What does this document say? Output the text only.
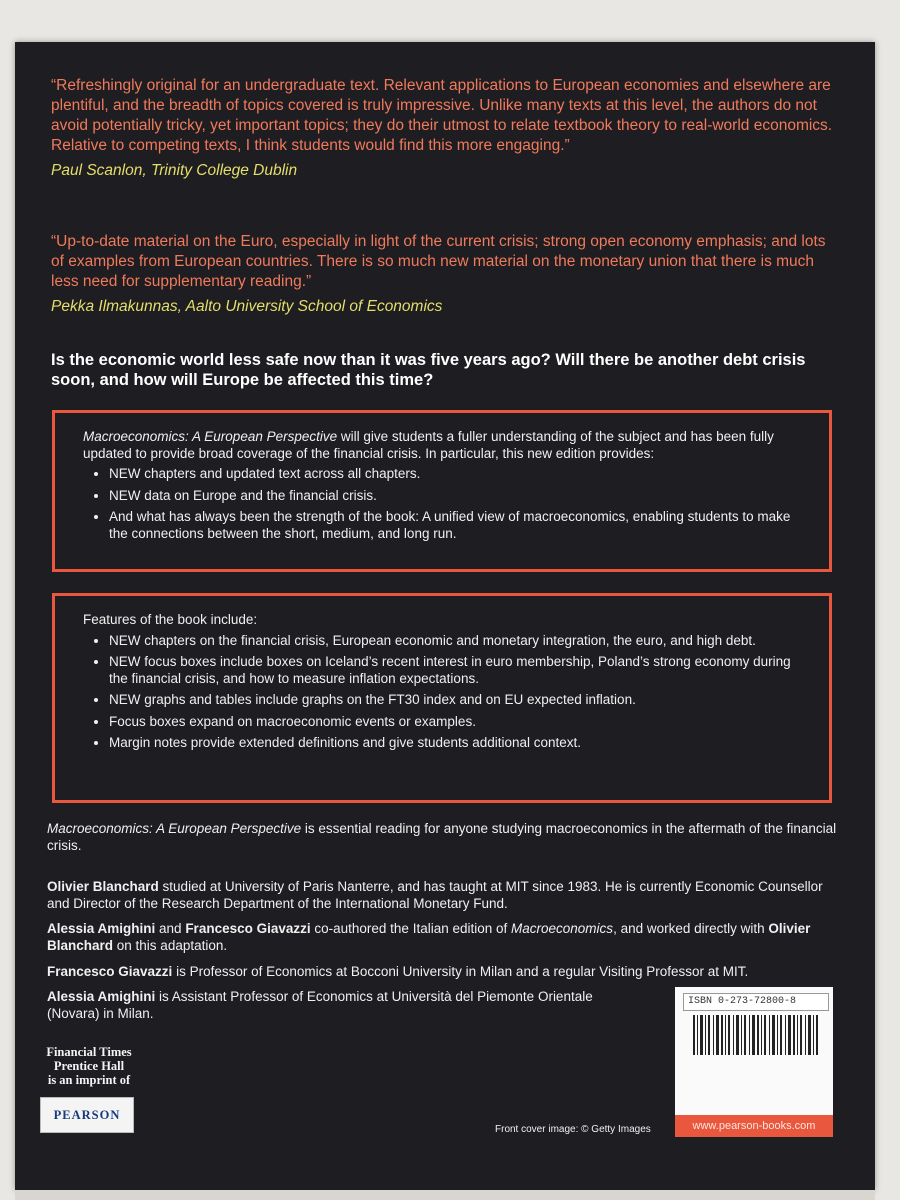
“Refreshingly original for an undergraduate text. Relevant applications to European economies and elsewhere are plentiful, and the breadth of topics covered is truly impressive. Unlike many texts at this level, the authors do not avoid potentially tricky, yet important topics; they do their utmost to relate textbook theory to real-world economics. Relative to competing texts, I think students would find this more engaging.”

Paul Scanlon, Trinity College Dublin

“Up-to-date material on the Euro, especially in light of the current crisis; strong open economy emphasis; and lots of examples from European countries. There is so much new material on the monetary union that there is much less need for supplementary reading.”

Pekka Ilmakunnas, Aalto University School of Economics

Is the economic world less safe now than it was five years ago? Will there be another debt crisis soon, and how will Europe be affected this time?

Macroeconomics: A European Perspective will give students a fuller understanding of the subject and has been fully updated to provide broad coverage of the financial crisis. In particular, this new edition provides:

• NEW chapters and updated text across all chapters.
• NEW data on Europe and the financial crisis.
• And what has always been the strength of the book: A unified view of macroeconomics, enabling students to make the connections between the short, medium, and long run.

Features of the book include:

• NEW chapters on the financial crisis, European economic and monetary integration, the euro, and high debt.
• NEW focus boxes include boxes on Iceland’s recent interest in euro membership, Poland’s strong economy during the financial crisis, and how to measure inflation expectations.
• NEW graphs and tables include graphs on the FT30 index and on EU expected inflation.
• Focus boxes expand on macroeconomic events or examples.
• Margin notes provide extended definitions and give students additional context.

Macroeconomics: A European Perspective is essential reading for anyone studying macroeconomics in the aftermath of the financial crisis.

Olivier Blanchard studied at University of Paris Nanterre, and has taught at MIT since 1983. He is currently Economic Counsellor and Director of the Research Department of the International Monetary Fund.

Alessia Amighini and Francesco Giavazzi co-authored the Italian edition of Macroeconomics, and worked directly with Olivier Blanchard on this adaptation.

Francesco Giavazzi is Professor of Economics at Bocconi University in Milan and a regular Visiting Professor at MIT.

Alessia Amighini is Assistant Professor of Economics at Università del Piemonte Orientale (Novara) in Milan.

Financial Times
Prentice Hall
is an imprint of
PEARSON
Front cover image: © Getty Images
ISBN 0-273-72800-8
www.pearson-books.com
